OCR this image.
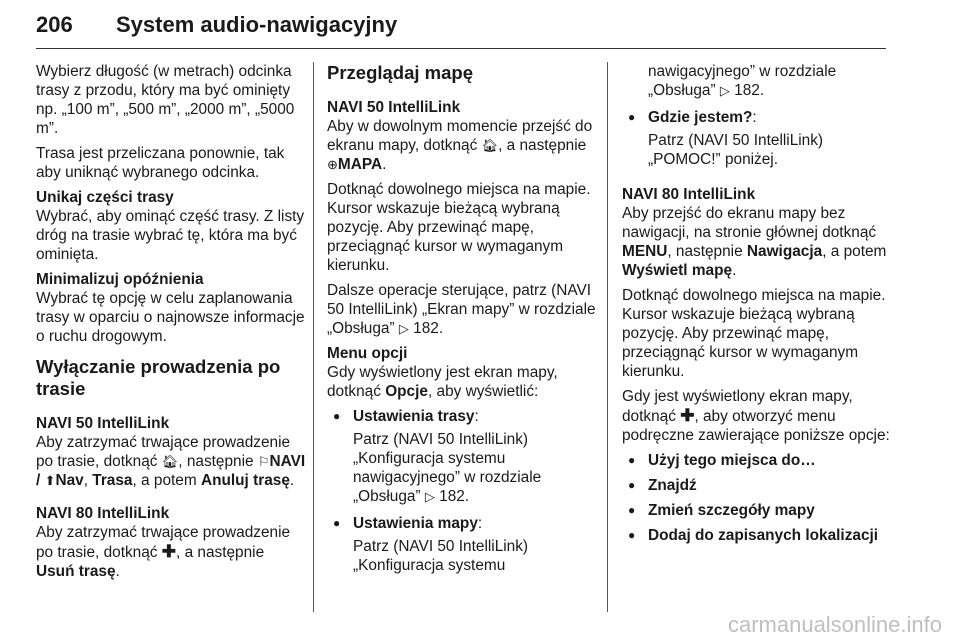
206 System audio-nawigacyjny

Wybierz długość (w metrach) odcinka trasy z przodu, który ma być ominięty np. „100 m”, „500 m”, „2000 m”, „5000 m”.

Trasa jest przeliczana ponownie, tak aby uniknąć wybranego odcinka.

Unikaj części trasy

Wybrać, aby ominąć część trasy. Z listy dróg na trasie wybrać tę, która ma być ominięta.

Minimalizuj opóźnienia

Wybrać tę opcję w celu zaplanowania trasy w oparciu o najnowsze informacje o ruchu drogowym.

Wyłączanie prowadzenia po trasie

NAVI 50 IntelliLink

Aby zatrzymać trwające prowadzenie po trasie, dotknąć 🏠︎, następnie ⚐NAVI / ⬆Nav, Trasa, a potem Anuluj trasę.

NAVI 80 IntelliLink

Aby zatrzymać trwające prowadzenie po trasie, dotknąć ✚, a następnie Usuń trasę.

Przeglądaj mapę

NAVI 50 IntelliLink

Aby w dowolnym momencie przejść do ekranu mapy, dotknąć 🏠︎, a następnie ⊕MAPA.

Dotknąć dowolnego miejsca na mapie. Kursor wskazuje bieżącą wybraną pozycję. Aby przewinąć mapę, przeciągnąć kursor w wymaganym kierunku.

Dalsze operacje sterujące, patrz (NAVI 50 IntelliLink) „Ekran mapy” w rozdziale „Obsługa” ▷ 182.

Menu opcji

Gdy wyświetlony jest ekran mapy, dotknąć Opcje, aby wyświetlić:

● Ustawienia trasy:

Patrz (NAVI 50 IntelliLink) „Konfiguracja systemu nawigacyjnego” w rozdziale „Obsługa” ▷ 182.

● Ustawienia mapy:

Patrz (NAVI 50 IntelliLink) „Konfiguracja systemu

nawigacyjnego” w rozdziale „Obsługa” ▷ 182.

● Gdzie jestem?:

Patrz (NAVI 50 IntelliLink) „POMOC!” poniżej.

NAVI 80 IntelliLink

Aby przejść do ekranu mapy bez nawigacji, na stronie głównej dotknąć MENU, następnie Nawigacja, a potem Wyświetl mapę.

Dotknąć dowolnego miejsca na mapie. Kursor wskazuje bieżącą wybraną pozycję. Aby przewinąć mapę, przeciągnąć kursor w wymaganym kierunku.

Gdy jest wyświetlony ekran mapy, dotknąć ✚, aby otworzyć menu podręczne zawierające poniższe opcje:

● Użyj tego miejsca do…

● Znajdź

● Zmień szczegóły mapy

● Dodaj do zapisanych lokalizacji

carmanualsonline.info
